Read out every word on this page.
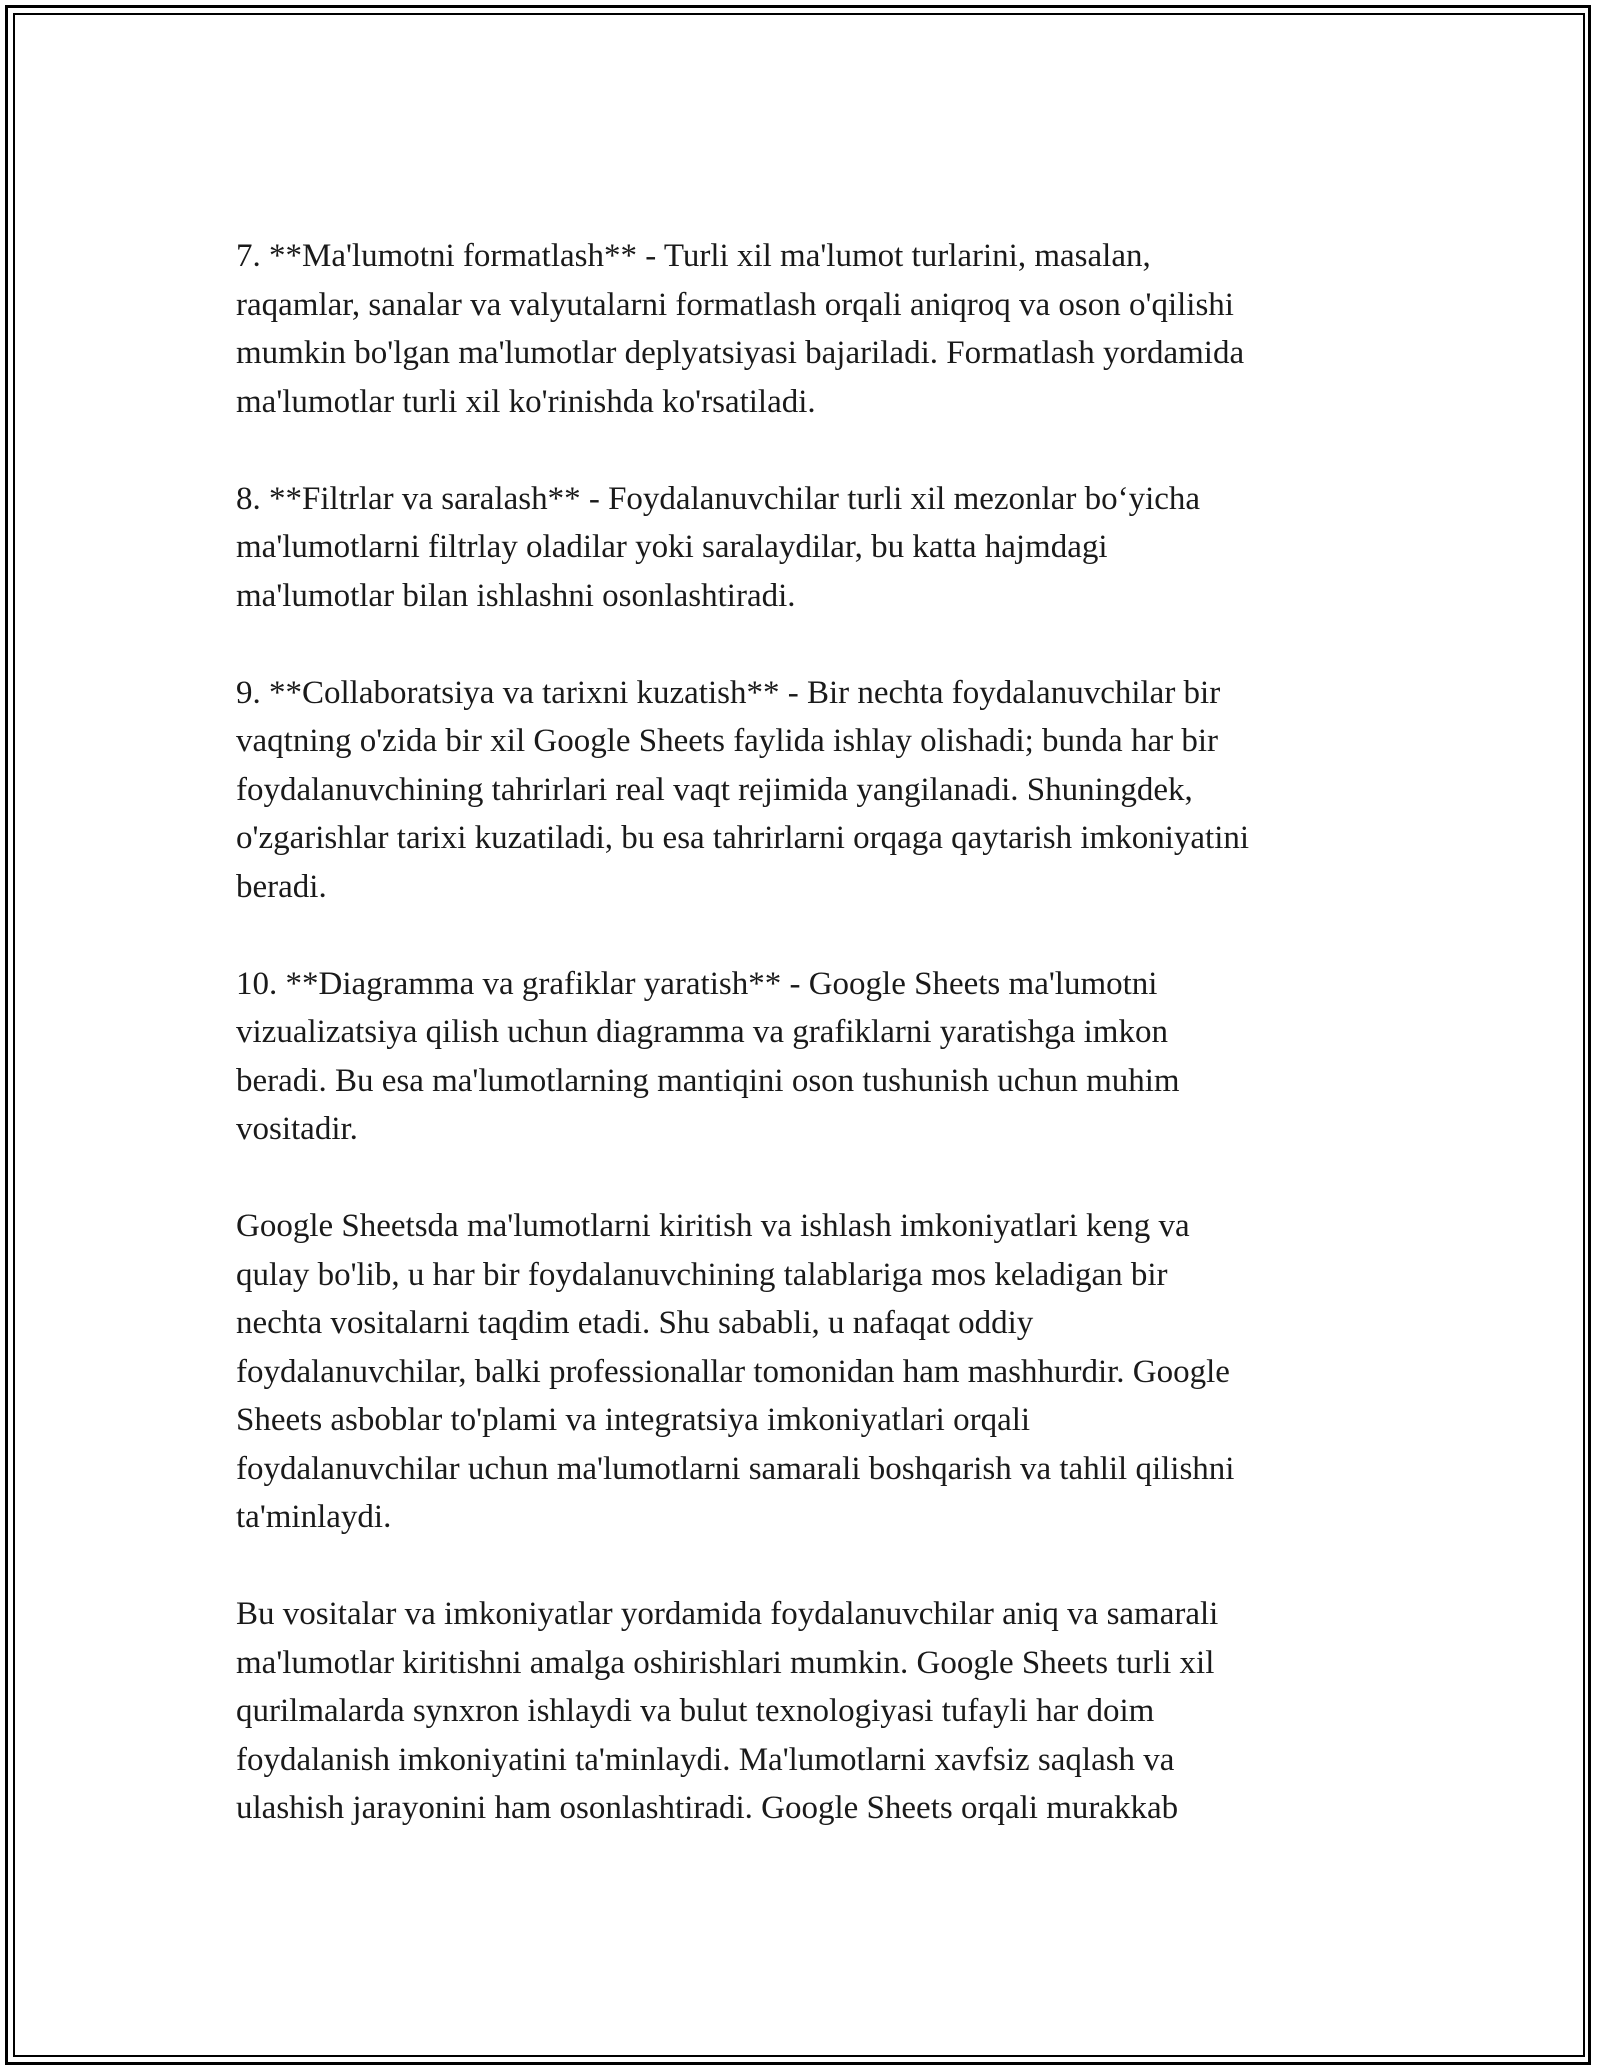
7. **Ma'lumotni formatlash** - Turli xil ma'lumot turlarini, masalan,
raqamlar, sanalar va valyutalarni formatlash orqali aniqroq va oson o'qilishi
mumkin bo'lgan ma'lumotlar deplyatsiyasi bajariladi. Formatlash yordamida
ma'lumotlar turli xil ko'rinishda ko'rsatiladi.

8. **Filtrlar va saralash** - Foydalanuvchilar turli xil mezonlar bo‘yicha
ma'lumotlarni filtrlay oladilar yoki saralaydilar, bu katta hajmdagi
ma'lumotlar bilan ishlashni osonlashtiradi.

9. **Collaboratsiya va tarixni kuzatish** - Bir nechta foydalanuvchilar bir
vaqtning o'zida bir xil Google Sheets faylida ishlay olishadi; bunda har bir
foydalanuvchining tahrirlari real vaqt rejimida yangilanadi. Shuningdek,
o'zgarishlar tarixi kuzatiladi, bu esa tahrirlarni orqaga qaytarish imkoniyatini
beradi.

10. **Diagramma va grafiklar yaratish** - Google Sheets ma'lumotni
vizualizatsiya qilish uchun diagramma va grafiklarni yaratishga imkon
beradi. Bu esa ma'lumotlarning mantiqini oson tushunish uchun muhim
vositadir.

Google Sheetsda ma'lumotlarni kiritish va ishlash imkoniyatlari keng va
qulay bo'lib, u har bir foydalanuvchining talablariga mos keladigan bir
nechta vositalarni taqdim etadi. Shu sababli, u nafaqat oddiy
foydalanuvchilar, balki professionallar tomonidan ham mashhurdir. Google
Sheets asboblar to'plami va integratsiya imkoniyatlari orqali
foydalanuvchilar uchun ma'lumotlarni samarali boshqarish va tahlil qilishni
ta'minlaydi.

Bu vositalar va imkoniyatlar yordamida foydalanuvchilar aniq va samarali
ma'lumotlar kiritishni amalga oshirishlari mumkin. Google Sheets turli xil
qurilmalarda synxron ishlaydi va bulut texnologiyasi tufayli har doim
foydalanish imkoniyatini ta'minlaydi. Ma'lumotlarni xavfsiz saqlash va
ulashish jarayonini ham osonlashtiradi. Google Sheets orqali murakkab
